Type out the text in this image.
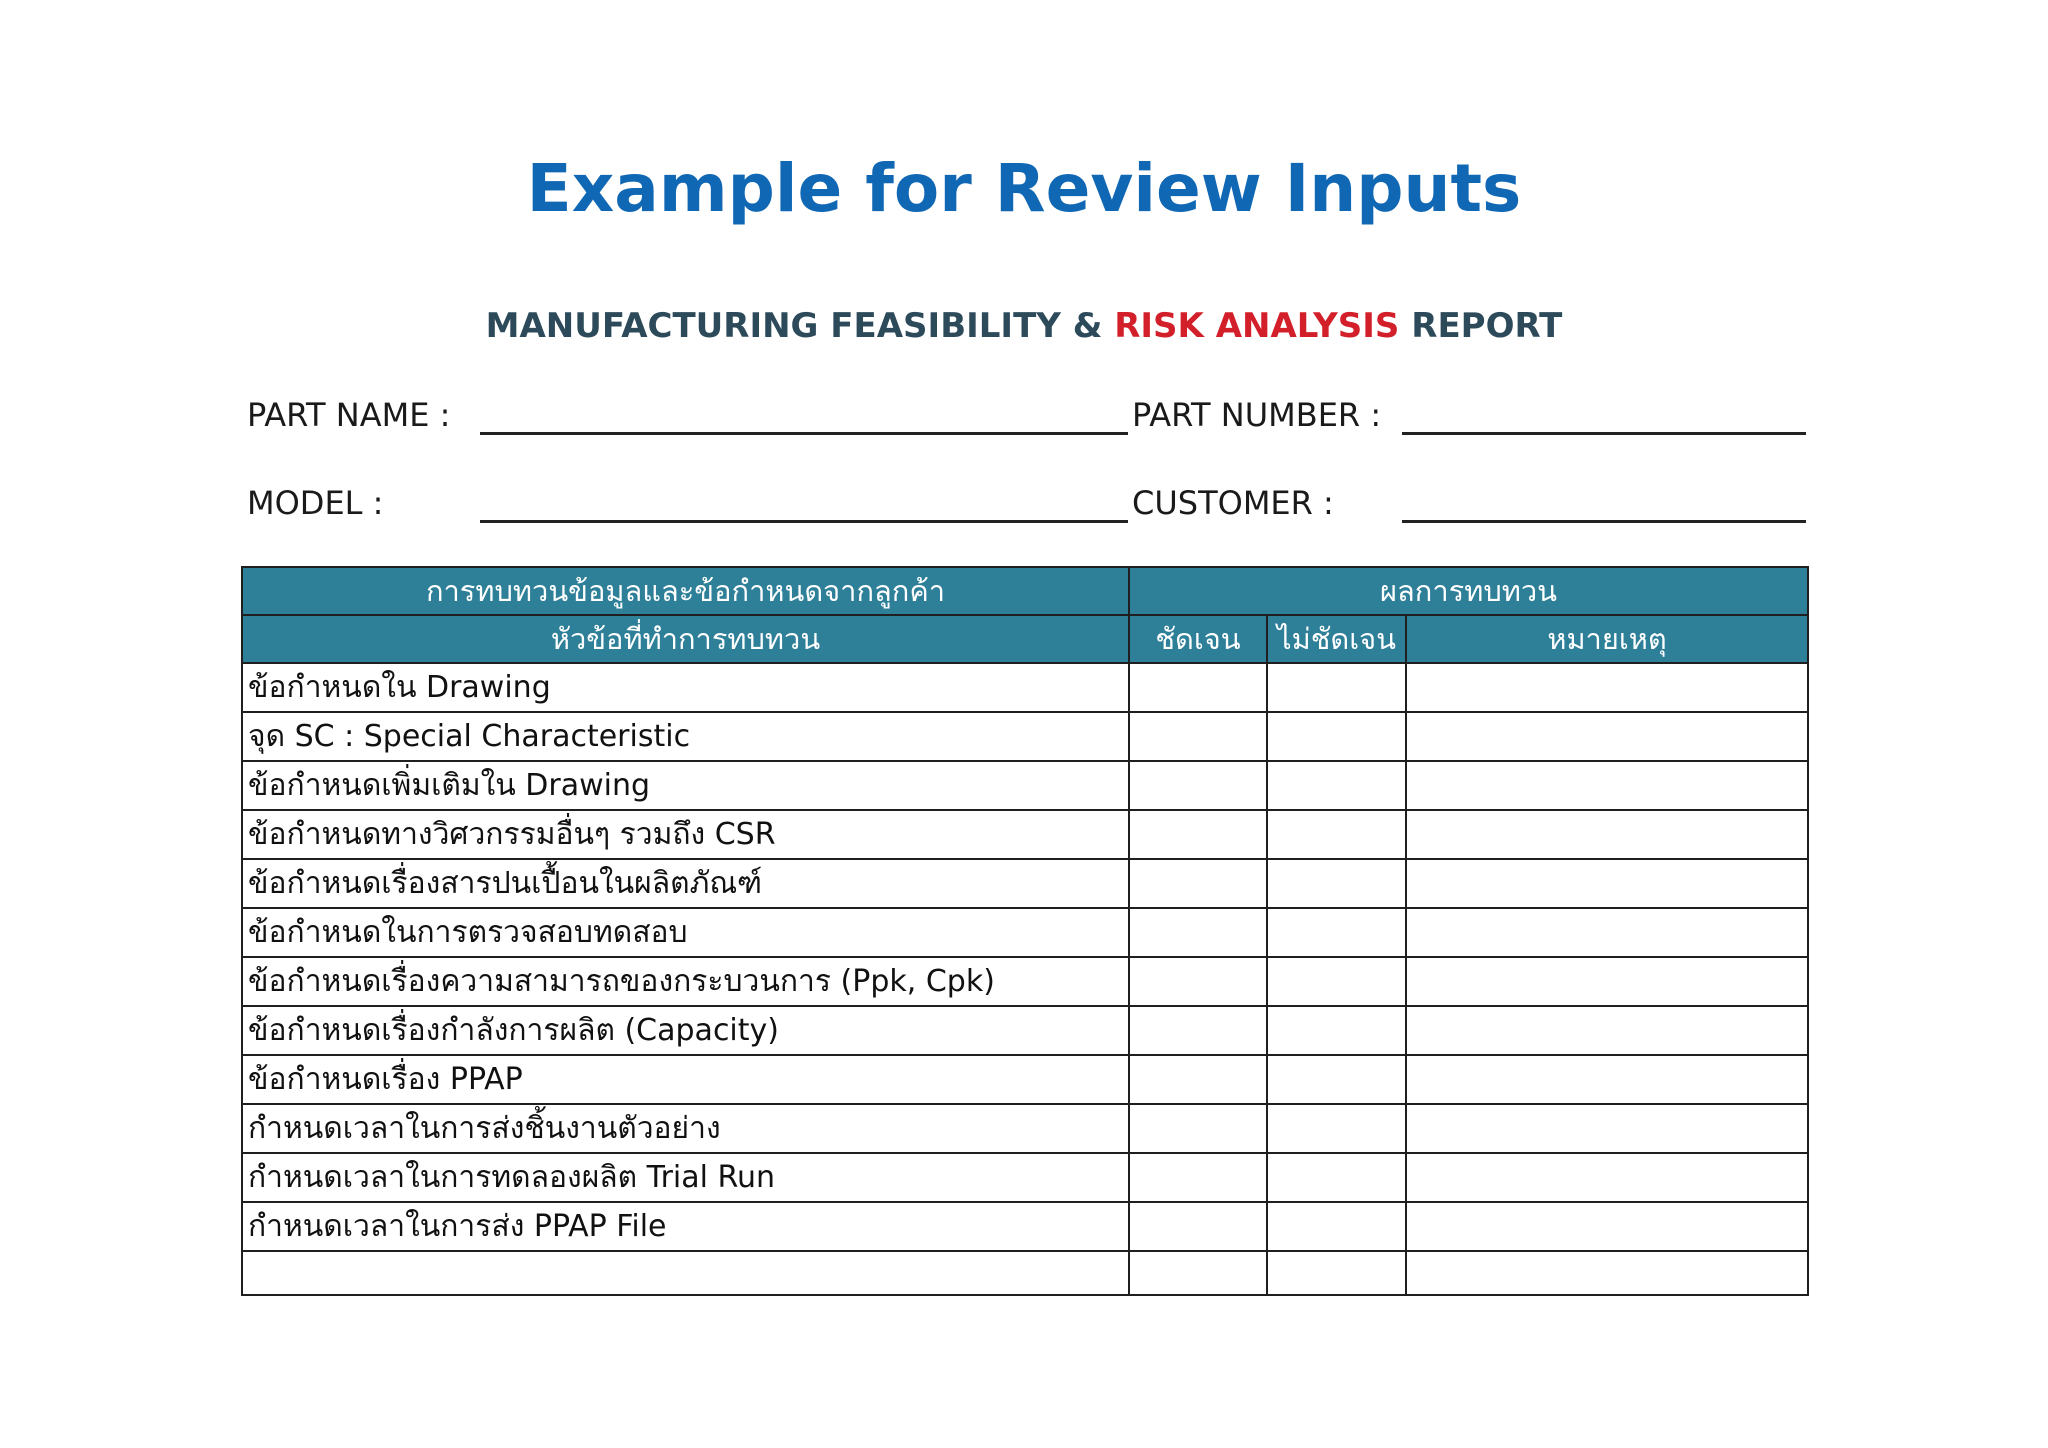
Example for Review Inputs
MANUFACTURING FEASIBILITY & RISK ANALYSIS REPORT
PART NAME :	PART NUMBER :
MODEL :	CUSTOMER :
การทบทวนข้อมูลและข้อกำหนดจากลูกค้า	ผลการทบทวน		
หัวข้อที่ทำการทบทวน	ชัดเจน	ไม่ชัดเจน	หมายเหตุ
ข้อกำหนดใน Drawing			
จุด SC : Special Characteristic			
ข้อกำหนดเพิ่มเติมใน Drawing			
ข้อกำหนดทางวิศวกรรมอื่นๆ รวมถึง CSR			
ข้อกำหนดเรื่องสารปนเปื้อนในผลิตภัณฑ์			
ข้อกำหนดในการตรวจสอบทดสอบ			
ข้อกำหนดเรื่องความสามารถของกระบวนการ (Ppk, Cpk)			
ข้อกำหนดเรื่องกำลังการผลิต (Capacity)			
ข้อกำหนดเรื่อง PPAP			
กำหนดเวลาในการส่งชิ้นงานตัวอย่าง			
กำหนดเวลาในการทดลองผลิต Trial Run			
กำหนดเวลาในการส่ง PPAP File			
